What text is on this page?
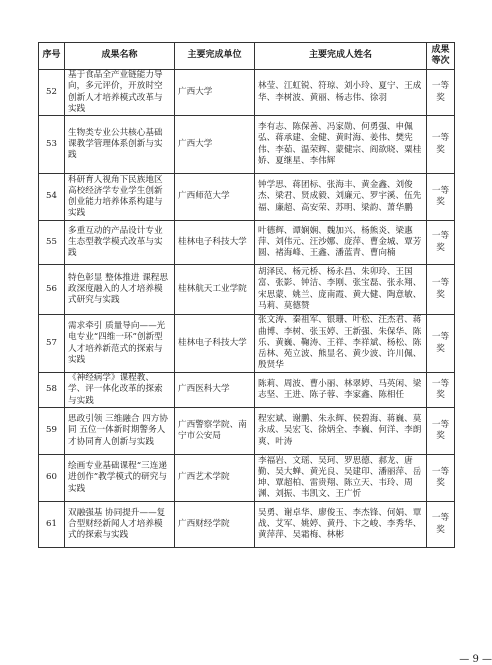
序号	成果名称	主要完成单位	主要完成人姓名	成果等次
52	基于食品全产业链能力导向，多元评价，开放时空创新人才培养模式改革与实践	广西大学	林莹、江虹锐、符琼、刘小玲、夏宁、王成华、李树波、黄丽、杨志伟、徐羽	一等奖
53	生物类专业公共核心基础课教学管理体系创新与实践	广西大学	李有志、陈保善、冯家勋、何勇强、申佩弘、蒋承建、金健、黄时海、姜伟、樊宪伟、李茹、温荣辉、蒙健宗、阎欲晓、粟桂娇、夏继星、李伟辉	一等奖
54	科研育人视角下民族地区高校经济学专业学生创新创业能力培养体系构建与实践	广西师范大学	钟学思、蒋团标、张海丰、黄金鑫、刘俊杰、梁君、贤成毅、刘廉元、罗宇溪、伍先福、廉超、高安荣、苏明、梁韵、萧华鹏	一等奖
55	多重互动的产品设计专业生态型教学模式改革与实践	桂林电子科技大学	叶德辉、谭娴娴、魏加兴、杨熊炎、梁惠萍、刘伟元、汪沙娜、庞萍、曹金城、覃芳圆、褚海峰、王鑫、潘蓝青、曹向楠	一等奖
56	特色彰显 整体推进 课程思政深度融入的人才培养模式研究与实践	桂林航天工业学院	胡泽民、杨元桥、杨永昌、朱卯玲、王国富、张影、钟洁、李刚、张宝磊、张永翔、宋思蒙、姚兰、庞南霞、黄大健、陶意敏、马莉、莫德赞	一等奖
57	需求牵引 质量导向——光电专业“四维一环”创新型人才培养新范式的探索与实践	桂林电子科技大学	张文涛、秦祖军、银珊、叶松、汪杰君、蒋曲博、李树、张玉婷、王新强、朱保华、陈乐、黄巍、鞠涛、王祥、李祥斌、杨松、陈岳林、苑立波、熊显名、黄少波、许川佩、殷贤华	一等奖
58	《神经病学》课程教、学、评一体化改革的探索与实践	广西医科大学	陈莉、周波、曹小丽、林翠婷、马英闲、梁志坚、王进、陈子蓉、李家鑫、陈相任	一等奖
59	思政引领 三维融合 四方协同 五位一体新时期警务人才协同育人创新与实践	广西警察学院、南宁市公安局	程宏斌、谢鹏、朱永辉、侯碧海、蒋巍、莫永成、吴宏飞、徐炳全、李巍、何洋、李朗爽、叶涛	一等奖
60	绘画专业基础课程“三连递进创作”教学模式的研究与实践	广西艺术学院	李福岩、文瑶、吴珂、罗思德、郝龙、唐勤、吴大蝉、黄光良、吴建印、潘丽萍、岳坤、覃超柏、雷贵翔、陈立天、韦玲、周渊、刘振、韦凯文、王广忻	一等奖
61	双融强基 协同提升——复合型财经新闻人才培养模式的探索与实践	广西财经学院	吴勇、谢卓华、廖俊玉、李杰锋、何娟、覃战、艾军、姚婷、黄丹、卞之峻、李秀华、黄萍萍、吴霜梅、林彬	一等奖
— 9 —
